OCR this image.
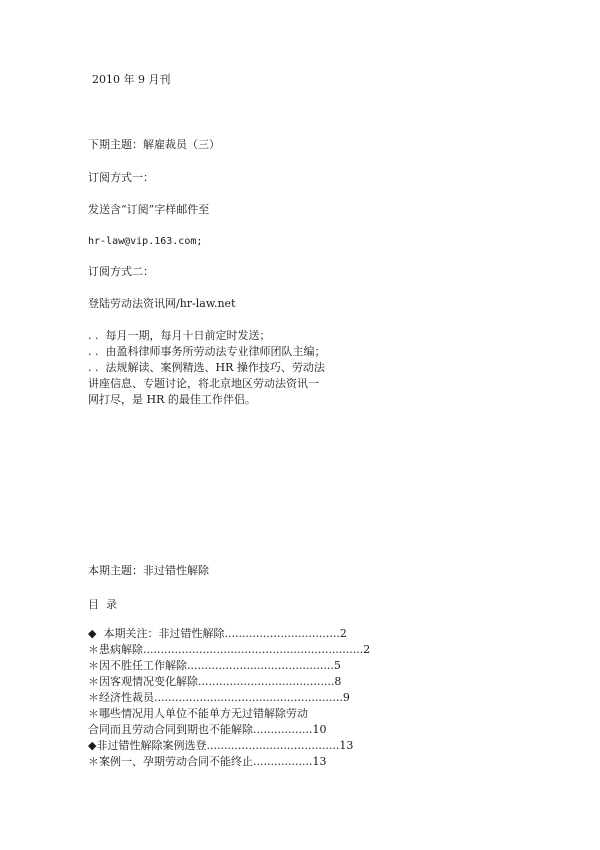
2010 年 9 月刊
下期主题：解雇裁员（三）
订阅方式一：
发送含“订阅”字样邮件至
hr-law@vip.163.com;
订阅方式二：
登陆劳动法资讯网/hr-law.net
. .  每月一期，每月十日前定时发送；
. .  由盈科律师事务所劳动法专业律师团队主编；
. .  法规解读、案例精选、HR 操作技巧、劳动法
讲座信息、专题讨论，将北京地区劳动法资讯一
网打尽，是 HR 的最佳工作伴侣。
本期主题：非过错性解除
目  录
◆  本期关注：非过错性解除.................................2
＊患病解除...............................................................2
＊因不胜任工作解除..........................................5
＊因客观情况变化解除.......................................8
＊经济性裁员......................................................9
＊哪些情况用人单位不能单方无过错解除劳动
合同而且劳动合同到期也不能解除.................10
◆非过错性解除案例选登......................................13
＊案例一、孕期劳动合同不能终止.................13
